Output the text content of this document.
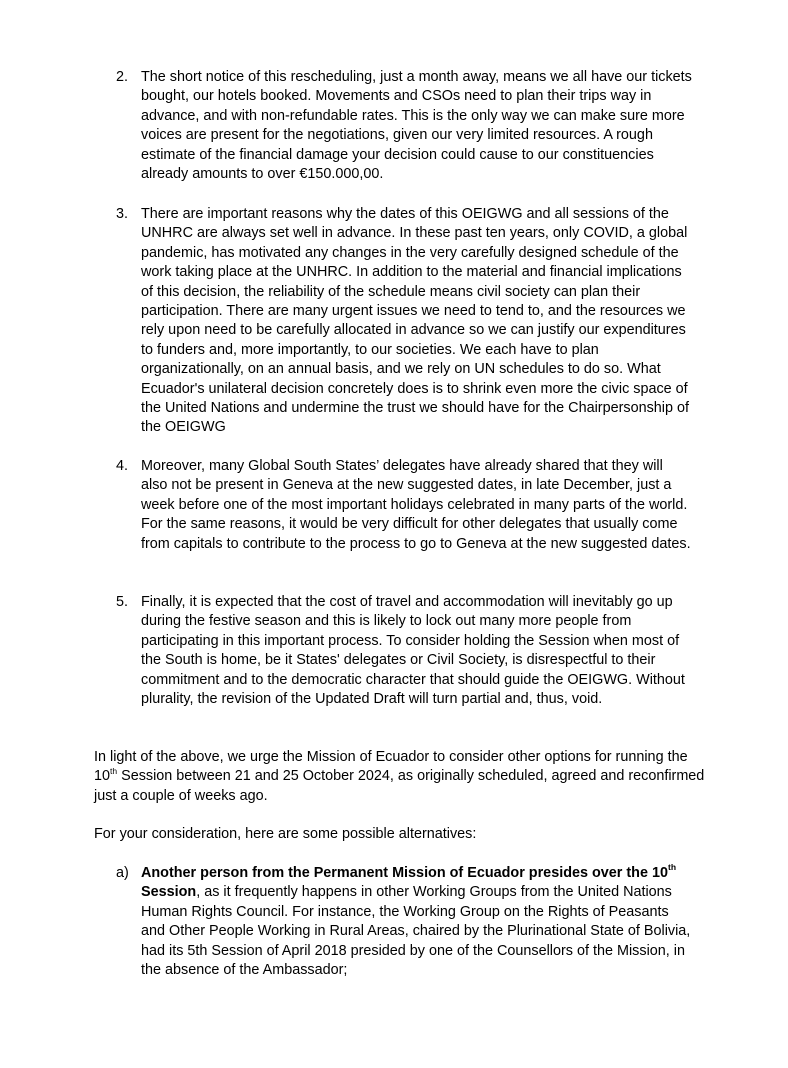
2. The short notice of this rescheduling, just a month away, means we all have our tickets bought, our hotels booked. Movements and CSOs need to plan their trips way in advance, and with non-refundable rates. This is the only way we can make sure more voices are present for the negotiations, given our very limited resources. A rough estimate of the financial damage your decision could cause to our constituencies already amounts to over €150.000,00.
3. There are important reasons why the dates of this OEIGWG and all sessions of the UNHRC are always set well in advance. In these past ten years, only COVID, a global pandemic, has motivated any changes in the very carefully designed schedule of the work taking place at the UNHRC. In addition to the material and financial implications of this decision, the reliability of the schedule means civil society can plan their participation. There are many urgent issues we need to tend to, and the resources we rely upon need to be carefully allocated in advance so we can justify our expenditures to funders and, more importantly, to our societies. We each have to plan organizationally, on an annual basis, and we rely on UN schedules to do so. What Ecuador's unilateral decision concretely does is to shrink even more the civic space of the United Nations and undermine the trust we should have for the Chairpersonship of the OEIGWG
4. Moreover, many Global South States’ delegates have already shared that they will also not be present in Geneva at the new suggested dates, in late December, just a week before one of the most important holidays celebrated in many parts of the world. For the same reasons, it would be very difficult for other delegates that usually come from capitals to contribute to the process to go to Geneva at the new suggested dates.
5. Finally, it is expected that the cost of travel and accommodation will inevitably go up during the festive season and this is likely to lock out many more people from participating in this important process. To consider holding the Session when most of the South is home, be it States' delegates or Civil Society, is disrespectful to their commitment and to the democratic character that should guide the OEIGWG. Without plurality, the revision of the Updated Draft will turn partial and, thus, void.
In light of the above, we urge the Mission of Ecuador to consider other options for running the 10th Session between 21 and 25 October 2024, as originally scheduled, agreed and reconfirmed just a couple of weeks ago.
For your consideration, here are some possible alternatives:
a) Another person from the Permanent Mission of Ecuador presides over the 10th Session, as it frequently happens in other Working Groups from the United Nations Human Rights Council. For instance, the Working Group on the Rights of Peasants and Other People Working in Rural Areas, chaired by the Plurinational State of Bolivia, had its 5th Session of April 2018 presided by one of the Counsellors of the Mission, in the absence of the Ambassador;
